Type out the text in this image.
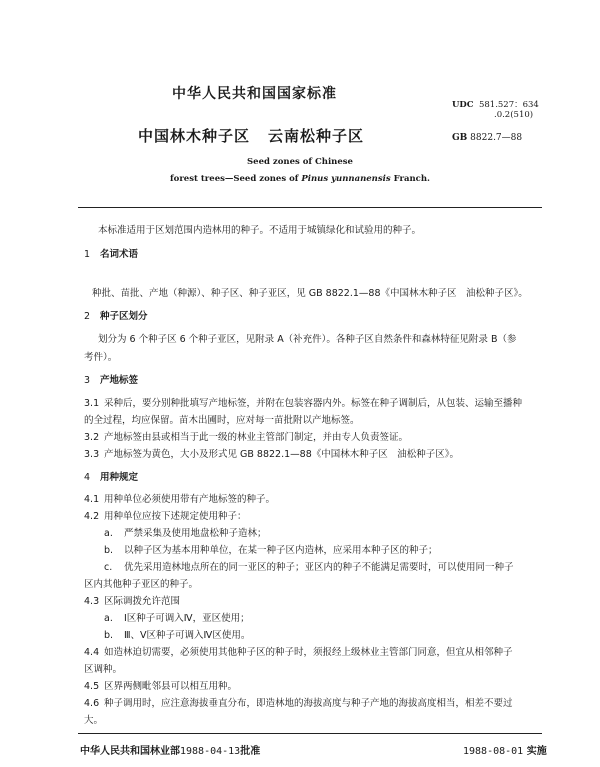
中华人民共和国国家标准
UDC 581.527：634
.0.2(510)
中国林木种子区 云南松种子区	GB 8822.7—88
Seed zones of Chinese
forest trees—Seed zones of Pinus yunnanensis Franch.
本标准适用于区划范围内造林用的种子。不适用于城镇绿化和试验用的种子。
1 名词术语
种批、苗批、产地（种源）、种子区、种子亚区，见 GB 8822.1—88《中国林木种子区　油松种子区》。
2 种子区划分
划分为 6 个种子区 6 个种子亚区，见附录 A（补充件）。各种子区自然条件和森林特征见附录 B（参
考件）。
3 产地标签
3.1 采种后，要分别种批填写产地标签，并附在包装容器内外。标签在种子调制后，从包装、运输至播种
的全过程，均应保留。苗木出圃时，应对每一苗批附以产地标签。
3.2 产地标签由县或相当于此一级的林业主管部门制定，并由专人负责签证。
3.3 产地标签为黄色，大小及形式见 GB 8822.1—88《中国林木种子区　油松种子区》。
4 用种规定
4.1 用种单位必须使用带有产地标签的种子。
4.2 用种单位应按下述规定使用种子：
a. 严禁采集及使用地盘松种子造林；
b. 以种子区为基本用种单位，在某一种子区内造林，应采用本种子区的种子；
c. 优先采用造林地点所在的同一亚区的种子；亚区内的种子不能满足需要时，可以使用同一种子
区内其他种子亚区的种子。
4.3 区际调拨允许范围
a. Ⅰ区种子可调入Ⅳ，亚区使用；
b. Ⅲ、Ⅴ区种子可调入Ⅳ区使用。
4.4 如造林迫切需要，必须使用其他种子区的种子时，须报经上级林业主管部门同意，但宜从相邻种子
区调种。
4.5 区界两侧毗邻县可以相互用种。
4.6 种子调用时，应注意海拔垂直分布，即造林地的海拔高度与种子产地的海拔高度相当，相差不要过
大。
中华人民共和国林业部1988-04-13批准	1988-08-01 实施
